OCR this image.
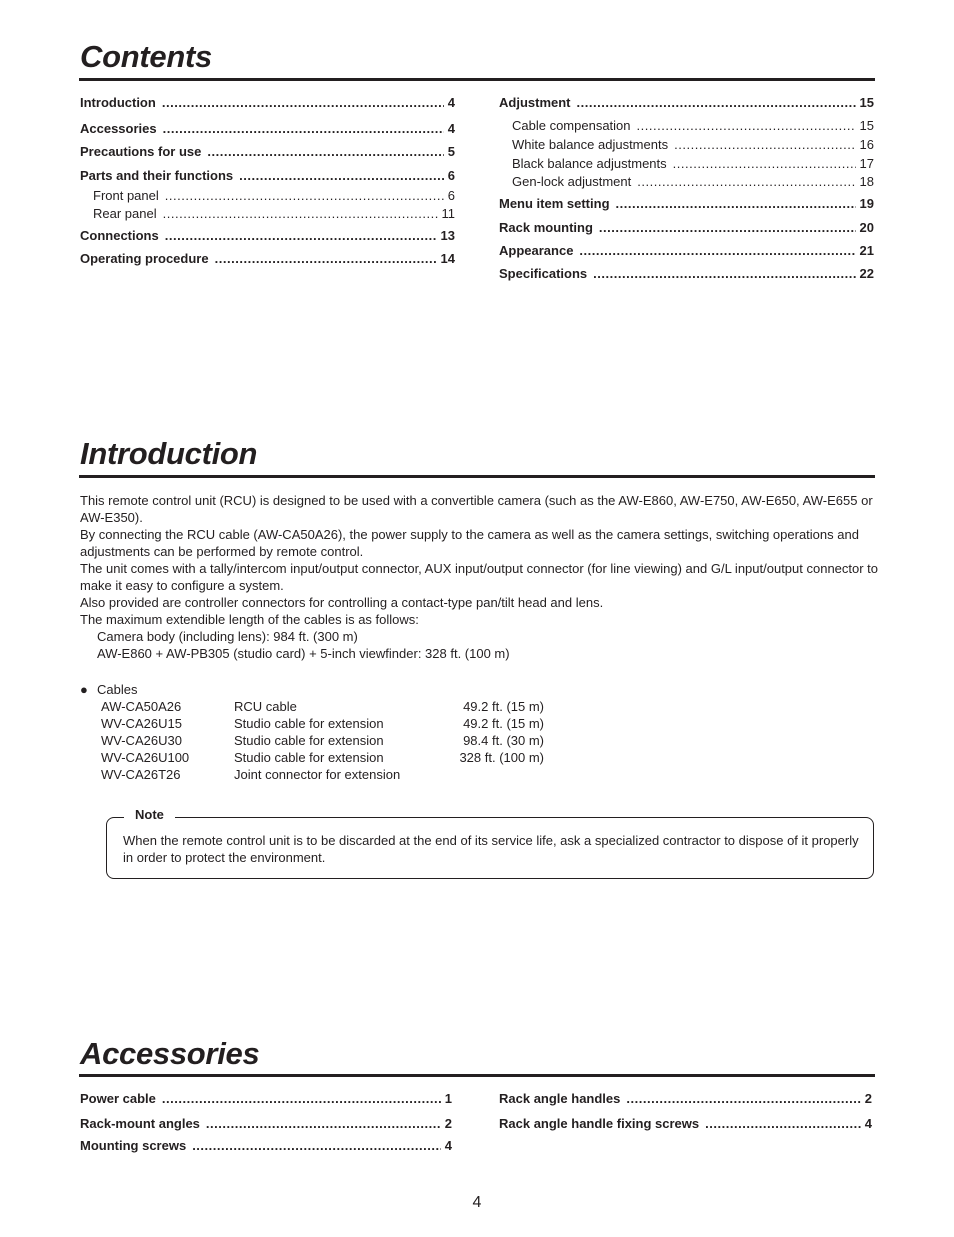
Contents
Introduction . . .	4
Accessories . . .	4
Precautions for use . . .	5
Parts and their functions . . .	6
Front panel . . .	6
Rear panel . . .	11
Connections . . .	13
Operating procedure . . .	14
Adjustment . . .	15
Cable compensation . . .	15
White balance adjustments . . .	16
Black balance adjustments . . .	17
Gen-lock adjustment . . .	18
Menu item setting . . .	19
Rack mounting . . .	20
Appearance . . .	21
Specifications . . .	22
Introduction

This remote control unit (RCU) is designed to be used with a convertible camera (such as the AW-E860, AW-E750, AW-E650, AW-E655 or AW-E350).

By connecting the RCU cable (AW-CA50A26), the power supply to the camera as well as the camera settings, switching operations and adjustments can be performed by remote control.

The unit comes with a tally/intercom input/output connector, AUX input/output connector (for line viewing) and G/L input/output connector to make it easy to configure a system.

Also provided are controller connectors for controlling a contact-type pan/tilt head and lens.

The maximum extendible length of the cables is as follows:

Camera body (including lens): 984 ft. (300 m)

AW-E860 + AW-PB305 (studio card) + 5-inch viewfinder: 328 ft. (100 m)

● Cables
AW-CA50A26	RCU cable	49.2 ft. (15 m)
WV-CA26U15	Studio cable for extension	49.2 ft. (15 m)
WV-CA26U30	Studio cable for extension	98.4 ft. (30 m)
WV-CA26U100	Studio cable for extension	328 ft. (100 m)
WV-CA26T26	Joint connector for extension
Note
When the remote control unit is to be discarded at the end of its service life, ask a specialized contractor to dispose of it properly in order to protect the environment.
Accessories
Power cable . . .	1
Rack-mount angles . . .	2
Mounting screws . . .	4
Rack angle handles . . .	2
Rack angle handle fixing screws . . .	4
4
